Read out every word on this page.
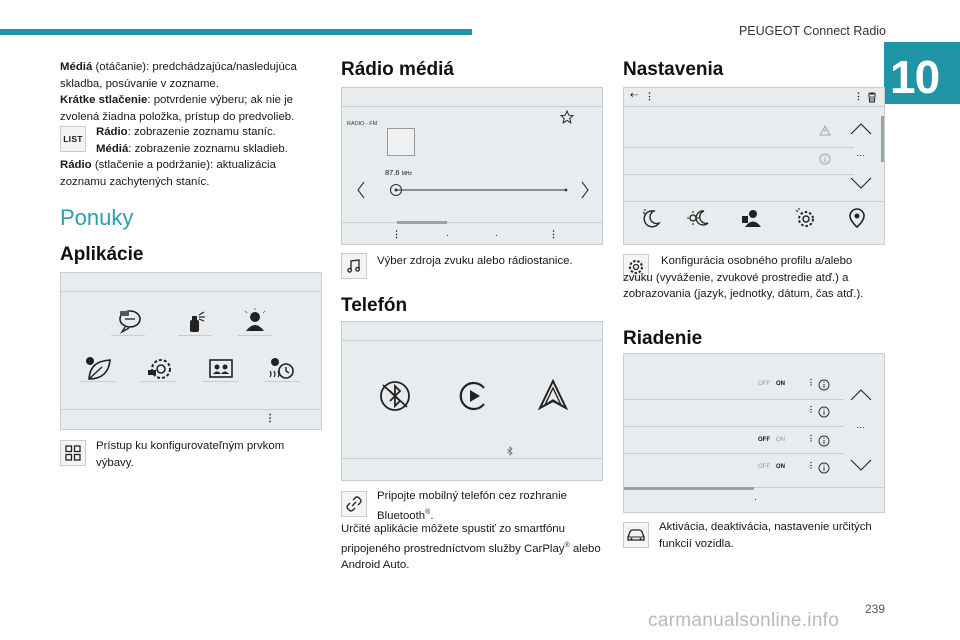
PEUGEOT Connect Radio
10
Médiá (otáčanie): predchádzajúca/nasledujúca skladba, posúvanie v zozname.
Krátke stlačenie: potvrdenie výberu; ak nie je zvolená žiadna položka, prístup do predvolieb.
LIST
Rádio: zobrazenie zoznamu staníc.
Médiá: zobrazenie zoznamu skladieb.
Rádio (stlačenie a podržanie): aktualizácia zoznamu zachytených staníc.
Ponuky
Aplikácie
⋮
Prístup ku konfigurovateľným prvkom výbavy.
Rádio médiá
RADIO - FM
87.6 MHz
⋮	·	·	⋮
Výber zdroja zvuku alebo rádiostanice.
Telefón
Pripojte mobilný telefón cez rozhranie Bluetooth®.
Určité aplikácie môžete spustiť zo smartfónu pripojeného prostredníctvom služby CarPlay® alebo Android Auto.
Nastavenia
⇠ ⋮	⋮
…
Konfigurácia osobného profilu a/alebo zvuku (vyváženie, zvukové prostredie atď.) a zobrazovania (jazyk, jednotky, dátum, čas atď.).
Riadenie
OFF ON	⋮
⋮
OFF ON	⋮
OFF ON	⋮
…
·
Aktivácia, deaktivácia, nastavenie určitých funkcií vozidla.
239
carmanualsonline.info
